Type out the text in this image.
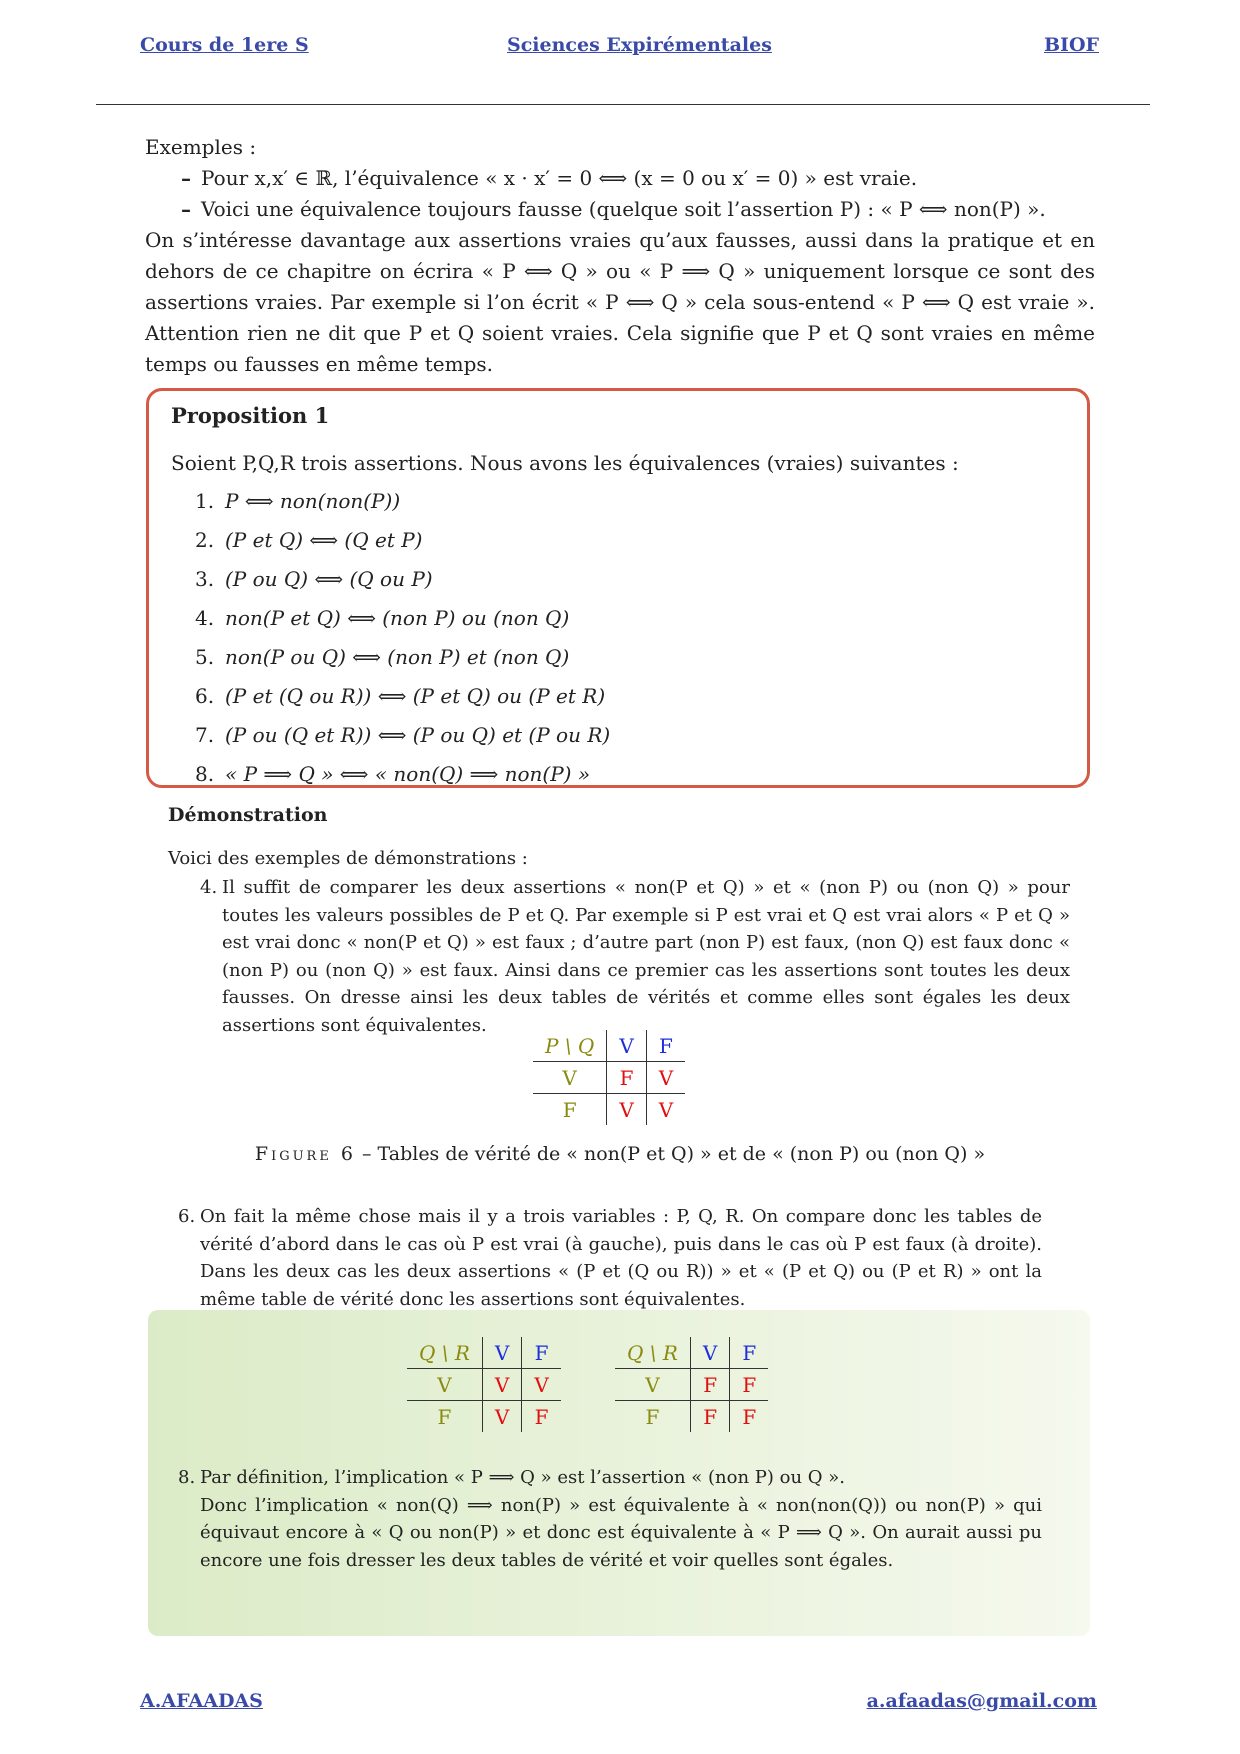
Cours de 1ere S	Sciences Expirémentales	BIOF

Exemples :

– Pour x,x′ ∈ ℝ, l’équivalence « x · x′ = 0 ⟺ (x = 0 ou x′ = 0) » est vraie.

– Voici une équivalence toujours fausse (quelque soit l’assertion P) : « P ⟺ non(P) ».

On s’intéresse davantage aux assertions vraies qu’aux fausses, aussi dans la pratique et en dehors de ce chapitre on écrira « P ⟺ Q » ou « P ⟹ Q » uniquement lorsque ce sont des assertions vraies. Par exemple si l’on écrit « P ⟺ Q » cela sous-entend « P ⟺ Q est vraie ». Attention rien ne dit que P et Q soient vraies. Cela signifie que P et Q sont vraies en même temps ou fausses en même temps.

Proposition 1
Soient P,Q,R trois assertions. Nous avons les équivalences (vraies) suivantes :
1. P ⟺ non(non(P))
2. (P et Q) ⟺ (Q et P)
3. (P ou Q) ⟺ (Q ou P)
4. non(P et Q) ⟺ (non P) ou (non Q)
5. non(P ou Q) ⟺ (non P) et (non Q)
6. (P et (Q ou R)) ⟺ (P et Q) ou (P et R)
7. (P ou (Q et R)) ⟺ (P ou Q) et (P ou R)
8. « P ⟹ Q » ⟺ « non(Q) ⟹ non(P) »
Démonstration
Voici des exemples de démonstrations :
4. Il suffit de comparer les deux assertions « non(P et Q) » et « (non P) ou (non Q) » pour toutes les valeurs possibles de P et Q. Par exemple si P est vrai et Q est vrai alors « P et Q » est vrai donc « non(P et Q) » est faux ; d’autre part (non P) est faux, (non Q) est faux donc « (non P) ou (non Q) » est faux. Ainsi dans ce premier cas les assertions sont toutes les deux fausses. On dresse ainsi les deux tables de vérités et comme elles sont égales les deux assertions sont équivalentes.
P \ Q	V	F
V	F	V
F	V	V
Figure 6 – Tables de vérité de « non(P et Q) » et de « (non P) ou (non Q) »
6. On fait la même chose mais il y a trois variables : P, Q, R. On compare donc les tables de vérité d’abord dans le cas où P est vrai (à gauche), puis dans le cas où P est faux (à droite). Dans les deux cas les deux assertions « (P et (Q ou R)) » et « (P et Q) ou (P et R) » ont la même table de vérité donc les assertions sont équivalentes.
Q \ R	V	F
V	V	V
F	V	F
Q \ R	V	F
V	F	F
F	F	F
8. Par définition, l’implication « P ⟹ Q » est l’assertion « (non P) ou Q ».
Donc l’implication « non(Q) ⟹ non(P) » est équivalente à « non(non(Q)) ou non(P) » qui équivaut encore à « Q ou non(P) » et donc est équivalente à « P ⟹ Q ». On aurait aussi pu encore une fois dresser les deux tables de vérité et voir quelles sont égales.
A.AFAADAS	a.afaadas@gmail.com
